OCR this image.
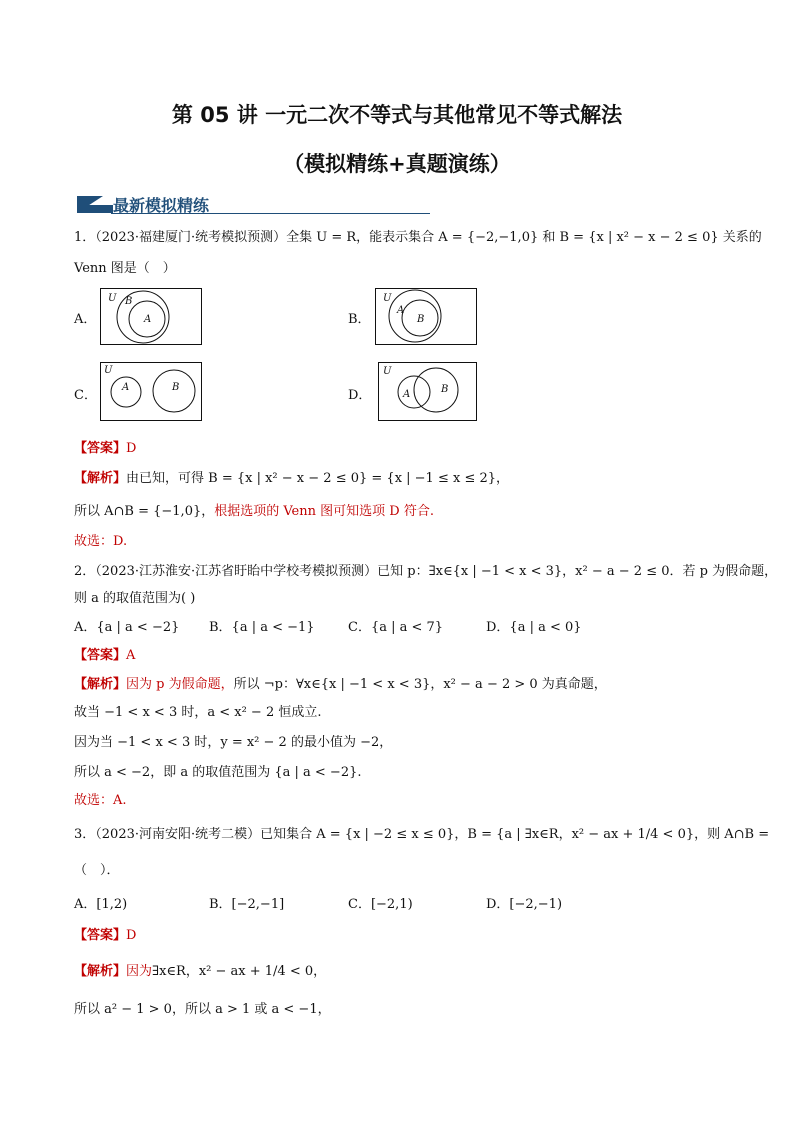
第 05 讲 一元二次不等式与其他常见不等式解法
（模拟精练+真题演练）
最新模拟精练
1．（2023·福建厦门·统考模拟预测）全集 U = R，能表示集合 A = {−2,−1,0} 和 B = {x | x² − x − 2 ≤ 0} 关系的
Venn 图是（　）
A．
U B
A	B．
U
A
B
C．
U
A	B
D．
U
A	B
【答案】D
【解析】由已知，可得 B = {x | x² − x − 2 ≤ 0} = {x | −1 ≤ x ≤ 2}，
所以 A∩B = {−1,0}，根据选项的 Venn 图可知选项 D 符合.
故选：D.
2．（2023·江苏淮安·江苏省盱眙中学校考模拟预测）已知 p：∃x∈{x | −1 < x < 3}，x² − a − 2 ≤ 0．若 p 为假命题，
则 a 的取值范围为( )
A．{a | a < −2} B．{a | a < −1}	C．{a | a < 7}	D．{a | a < 0}
【答案】A
【解析】因为 p 为假命题，所以 ¬p：∀x∈{x | −1 < x < 3}，x² − a − 2 > 0 为真命题，
故当 −1 < x < 3 时，a < x² − 2 恒成立.
因为当 −1 < x < 3 时，y = x² − 2 的最小值为 −2，
所以 a < −2，即 a 的取值范围为 {a | a < −2}.
故选：A.
3．（2023·河南安阳·统考二模）已知集合 A = {x | −2 ≤ x ≤ 0}，B = {a | ∃x∈R，x² − ax + 1/4 < 0}，则 A∩B =
（　）．
A．[1,2)	B．[−2,−1]	C．[−2,1)	D．[−2,−1)
【答案】D
【解析】因为∃x∈R，x² − ax + 1/4 < 0，
所以 a² − 1 > 0，所以 a > 1 或 a < −1，
